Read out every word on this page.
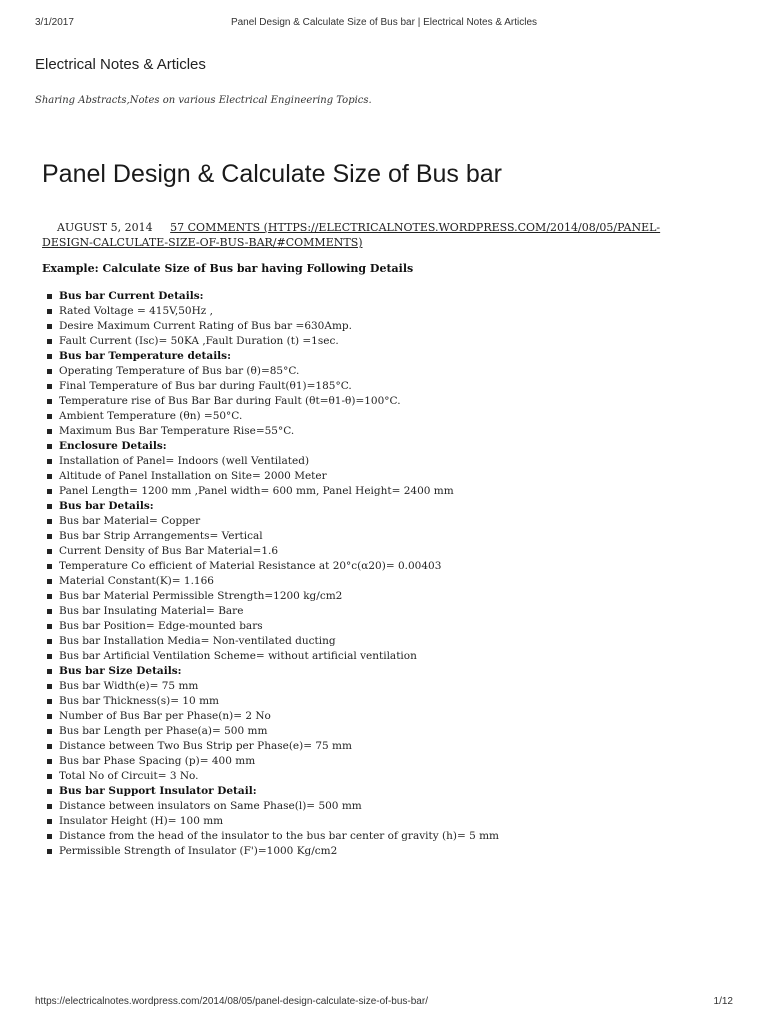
3/1/2017	Panel Design & Calculate Size of Bus bar | Electrical Notes & Articles
Electrical Notes & Articles
Sharing Abstracts,Notes on various Electrical Engineering Topics.
Panel Design & Calculate Size of Bus bar
AUGUST 5, 2014 57 COMMENTS (HTTPS://ELECTRICALNOTES.WORDPRESS.COM/2014/08/05/PANEL-DESIGN-CALCULATE-SIZE-OF-BUS-BAR/#COMMENTS)
Example: Calculate Size of Bus bar having Following Details
Bus bar Current Details:
Rated Voltage = 415V,50Hz ,
Desire Maximum Current Rating of Bus bar =630Amp.
Fault Current (Isc)= 50KA ,Fault Duration (t) =1sec.
Bus bar Temperature details:
Operating Temperature of Bus bar (θ)=85°C.
Final Temperature of Bus bar during Fault(θ1)=185°C.
Temperature rise of Bus Bar Bar during Fault (θt=θ1-θ)=100°C.
Ambient Temperature (θn) =50°C.
Maximum Bus Bar Temperature Rise=55°C.
Enclosure Details:
Installation of Panel= Indoors (well Ventilated)
Altitude of Panel Installation on Site= 2000 Meter
Panel Length= 1200 mm ,Panel width= 600 mm, Panel Height= 2400 mm
Bus bar Details:
Bus bar Material= Copper
Bus bar Strip Arrangements= Vertical
Current Density of Bus Bar Material=1.6
Temperature Co efficient of Material Resistance at 20°c(α20)= 0.00403
Material Constant(K)= 1.166
Bus bar Material Permissible Strength=1200 kg/cm2
Bus bar Insulating Material= Bare
Bus bar Position= Edge-mounted bars
Bus bar Installation Media= Non-ventilated ducting
Bus bar Artificial Ventilation Scheme= without artificial ventilation
Bus bar Size Details:
Bus bar Width(e)= 75 mm
Bus bar Thickness(s)= 10 mm
Number of Bus Bar per Phase(n)= 2 No
Bus bar Length per Phase(a)= 500 mm
Distance between Two Bus Strip per Phase(e)= 75 mm
Bus bar Phase Spacing (p)= 400 mm
Total No of Circuit= 3 No.
Bus bar Support Insulator Detail:
Distance between insulators on Same Phase(l)= 500 mm
Insulator Height (H)= 100 mm
Distance from the head of the insulator to the bus bar center of gravity (h)= 5 mm
Permissible Strength of Insulator (F')=1000 Kg/cm2
https://electricalnotes.wordpress.com/2014/08/05/panel-design-calculate-size-of-bus-bar/	1/12
